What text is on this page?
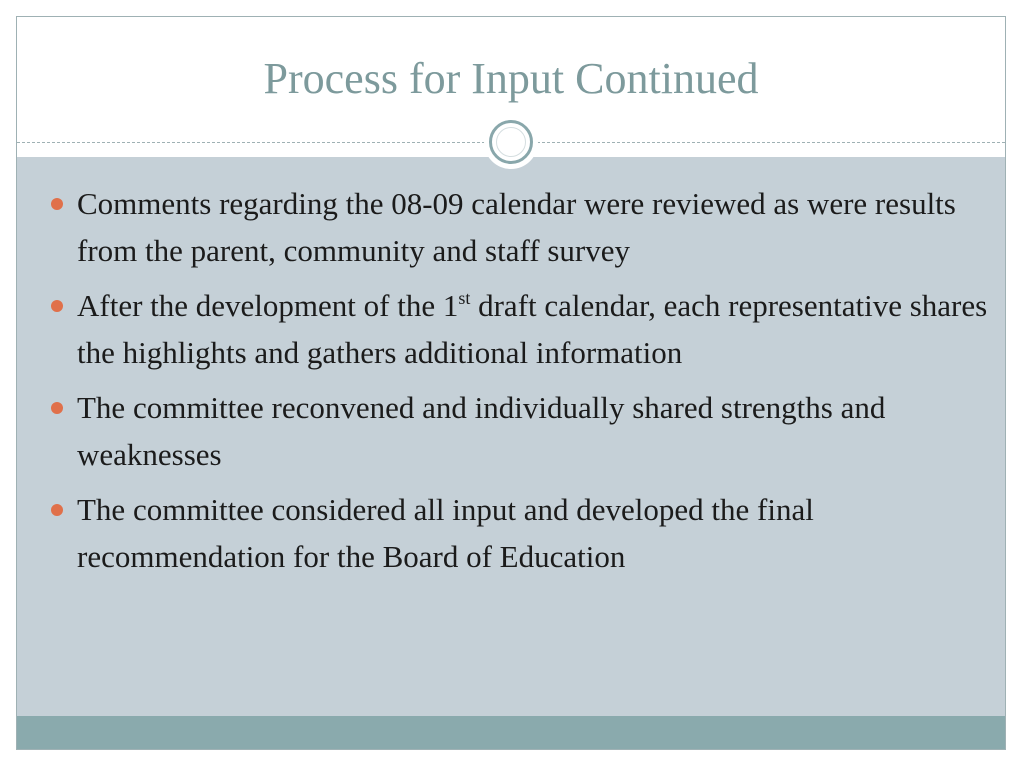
Process for Input Continued
Comments regarding the 08-09 calendar were reviewed as were results from the parent, community and staff survey
After the development of the 1st draft calendar, each representative shares the highlights and gathers additional information
The committee reconvened and individually shared strengths and weaknesses
The committee considered all input and developed the final recommendation for the Board of Education
